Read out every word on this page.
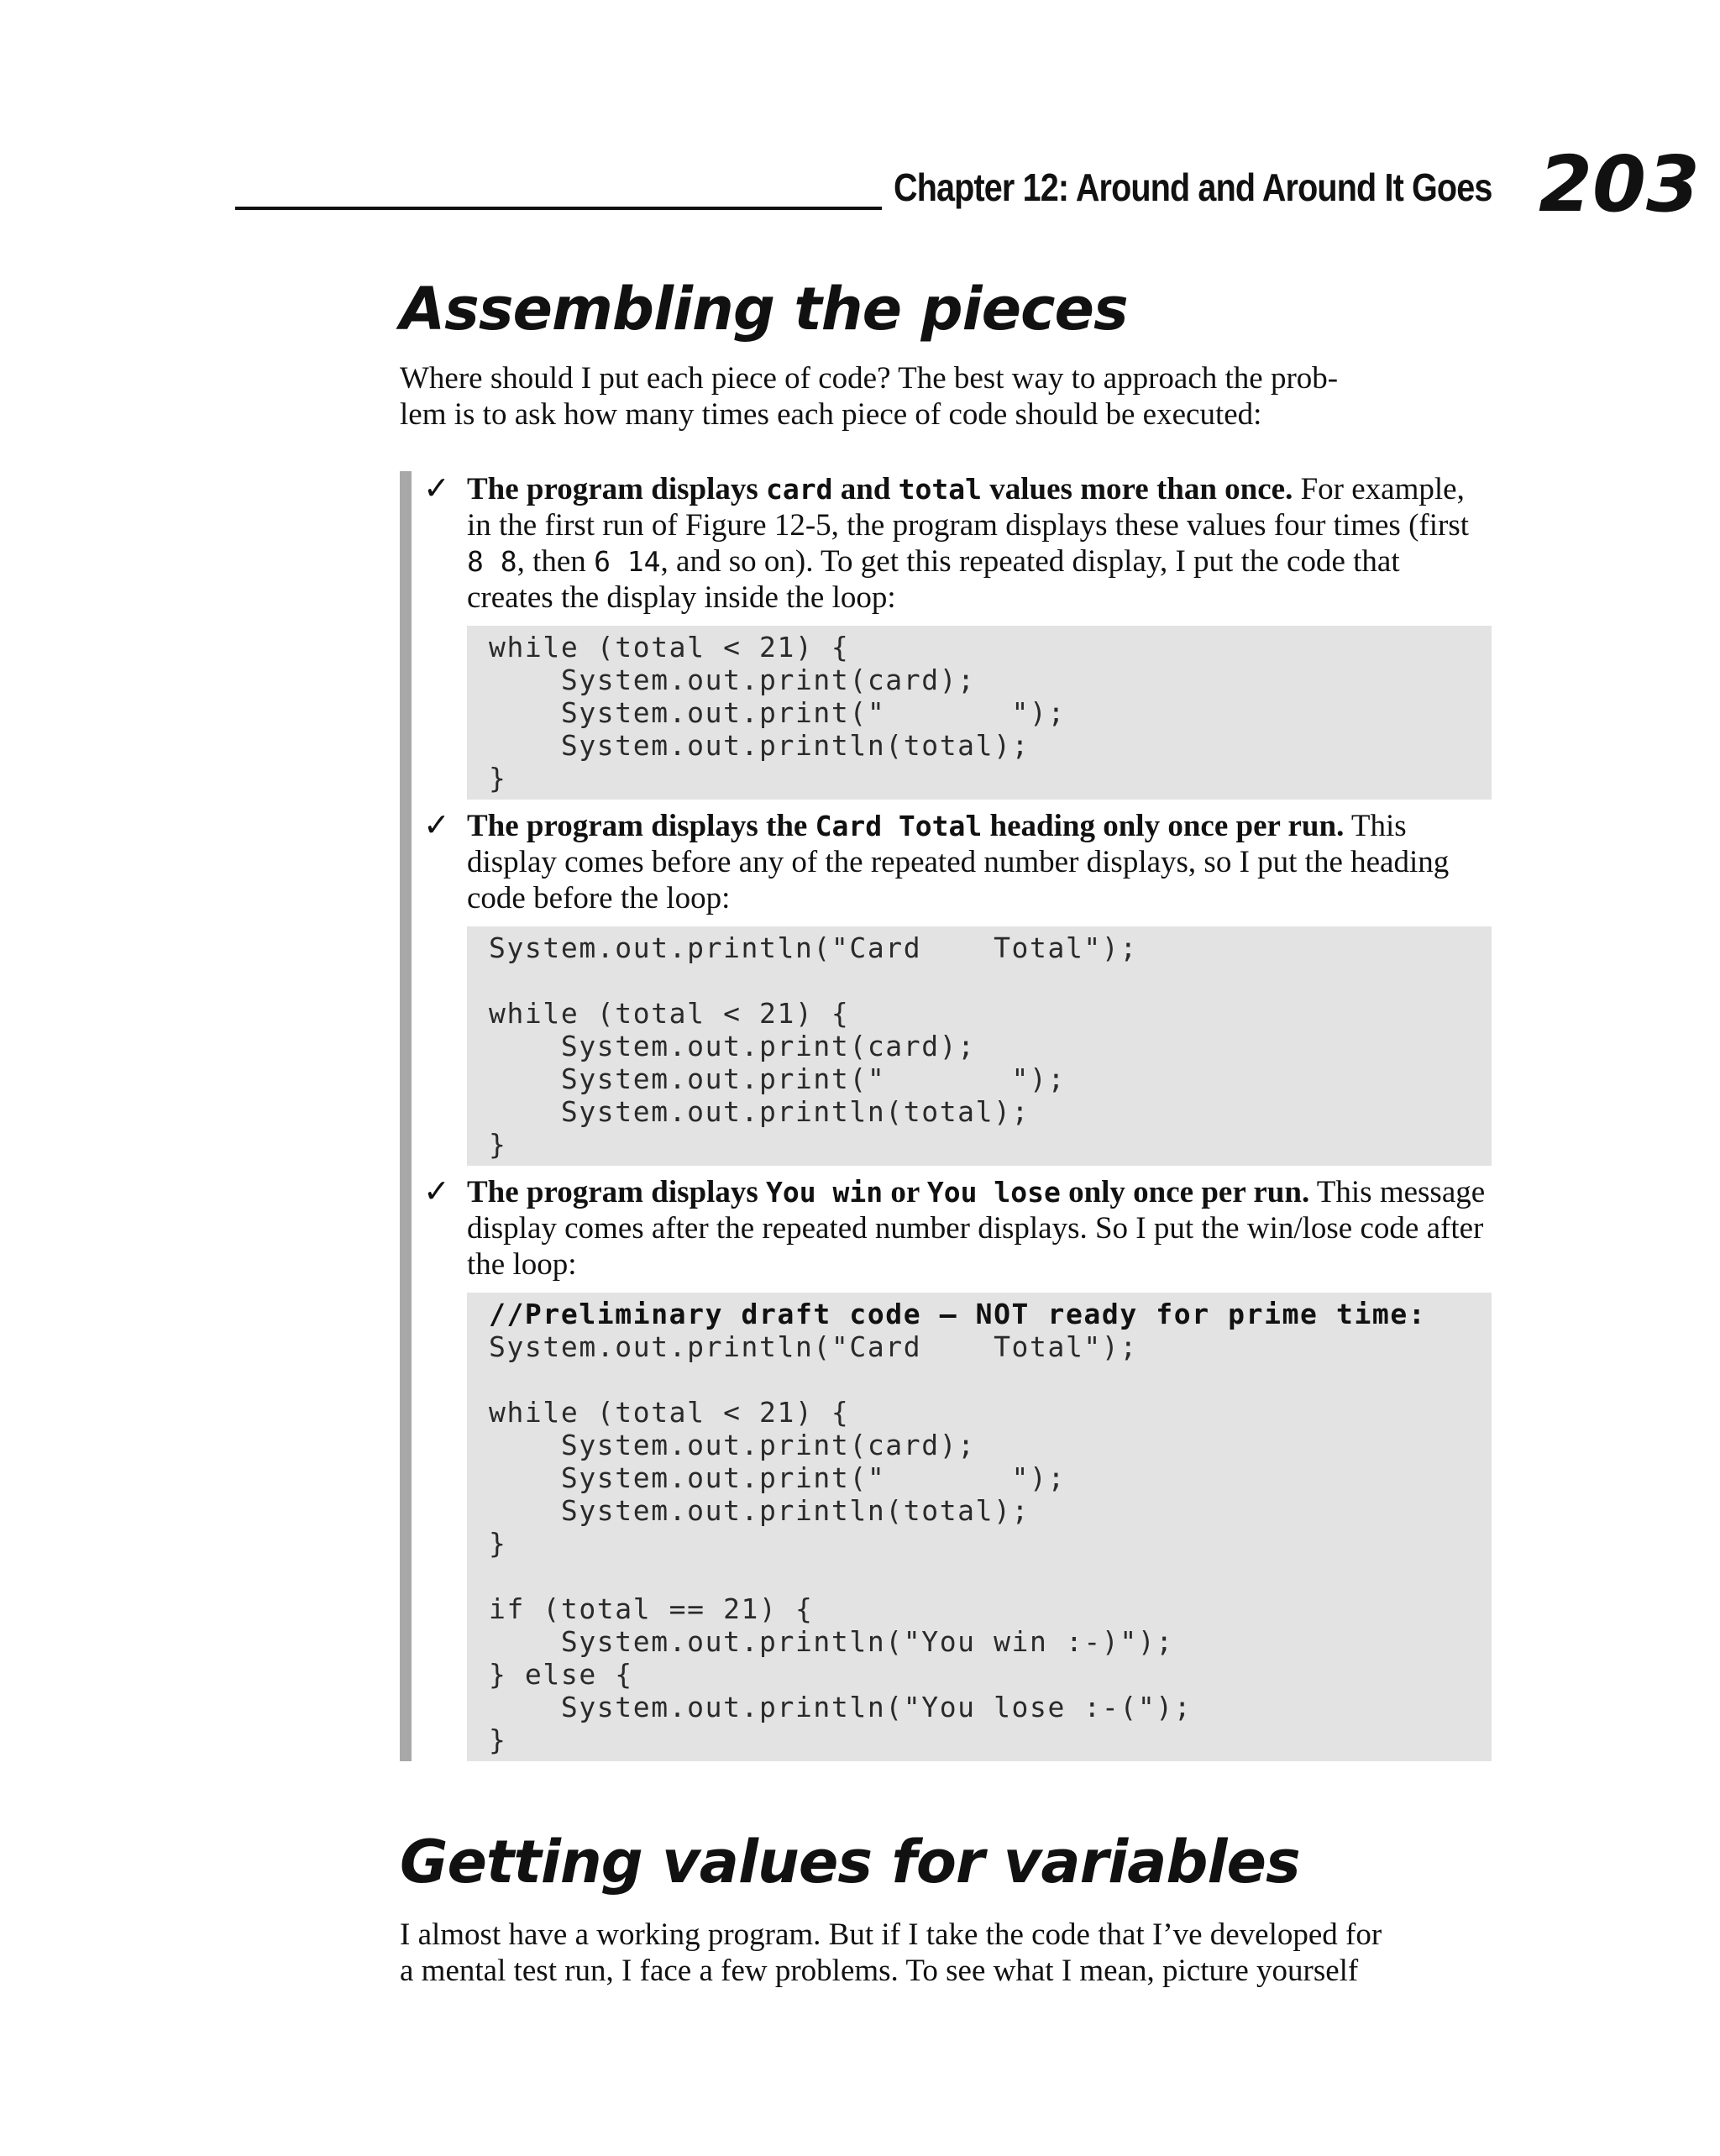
Chapter 12: Around and Around It Goes 203
Assembling the pieces

Where should I put each piece of code? The best way to approach the prob-
lem is to ask how many times each piece of code should be executed:

✓ The program displays card and total values more than once. For example, in the first run of Figure 12-5, the program displays these values four times (first 8 8, then 6 14, and so on). To get this repeated display, I put the code that creates the display inside the loop:

while (total < 21) {
System.out.print(card);
System.out.print("       ");
System.out.println(total);
}
✓ The program displays the Card Total heading only once per run. This display comes before any of the repeated number displays, so I put the heading code before the loop:

System.out.println("Card    Total");
while (total < 21) {
System.out.print(card);
System.out.print("       ");
System.out.println(total);
}
✓ The program displays You win or You lose only once per run. This message display comes after the repeated number displays. So I put the win/lose code after the loop:

//Preliminary draft code – NOT ready for prime time:
System.out.println("Card    Total");
while (total < 21) {
System.out.print(card);
System.out.print("       ");
System.out.println(total);
}
if (total == 21) {
System.out.println("You win :-)");
} else {
System.out.println("You lose :-(");
}
Getting values for variables

I almost have a working program. But if I take the code that I’ve developed for
a mental test run, I face a few problems. To see what I mean, picture yourself
